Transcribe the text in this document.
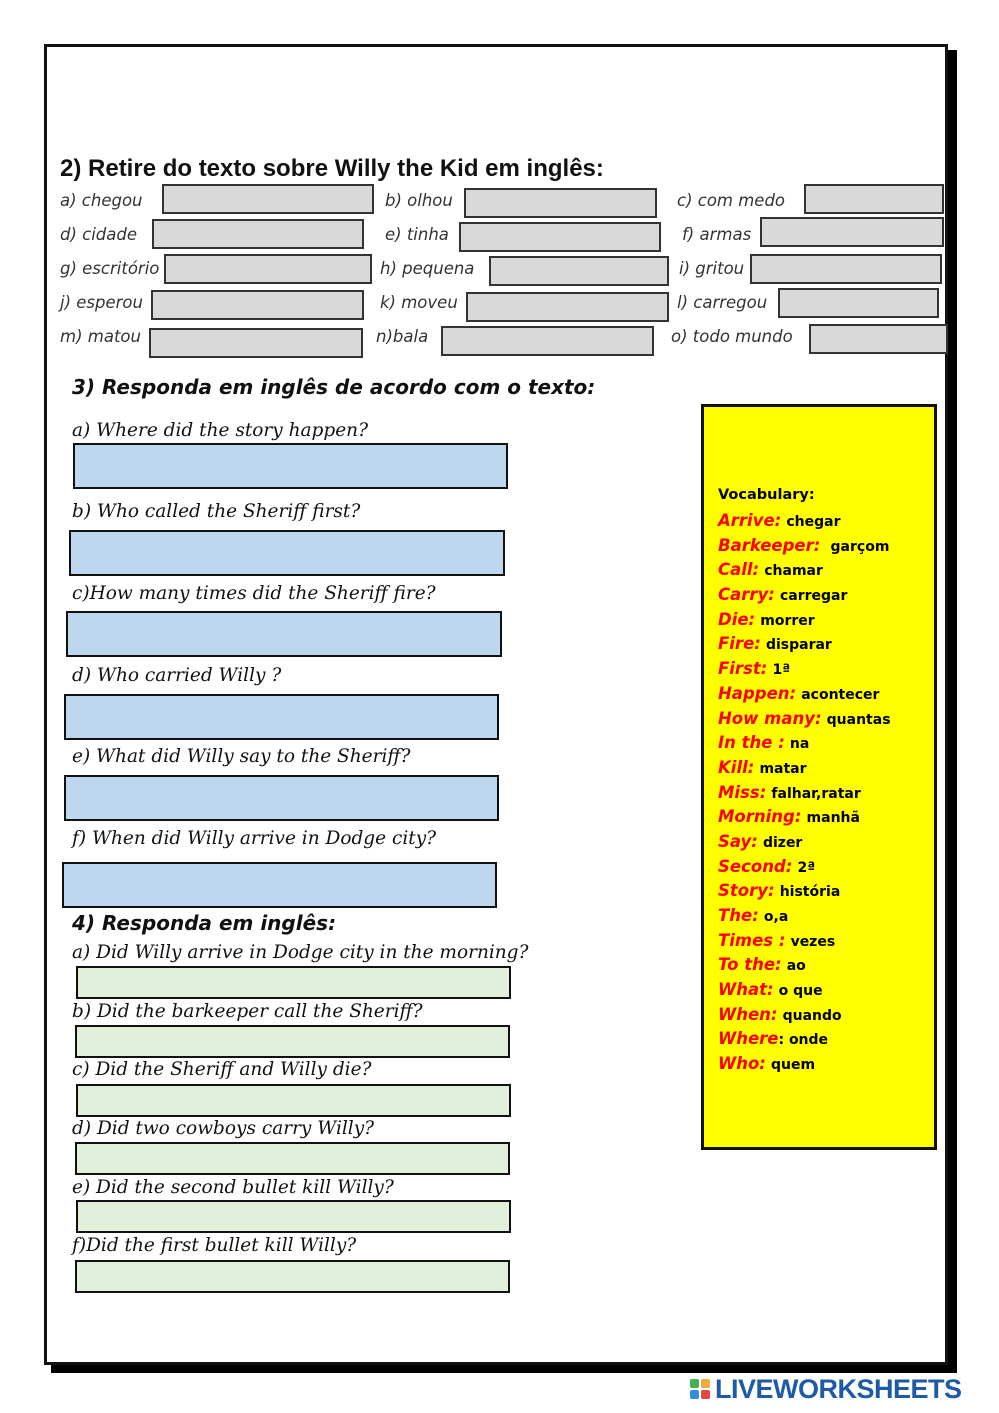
2) Retire do texto sobre Willy the Kid em inglês:
a) chegou	b) olhou	c) com medo
d) cidade	e) tinha	f) armas
g) escritório	h) pequena	i) gritou
j) esperou	k) moveu	l) carregou
m) matou	n)bala	o) todo mundo
3) Responda em inglês de acordo com o texto:
a) Where did the story happen?
b) Who called the Sheriff first?
c)How many times did the Sheriff fire?
d) Who carried Willy ?
e) What did Willy say to the Sheriff?
f) When did Willy arrive in Dodge city?
4) Responda em inglês:
a) Did Willy arrive in Dodge city in the morning?
b) Did the barkeeper call the Sheriff?
c) Did the Sheriff and Willy die?
d) Did two cowboys carry Willy?
e) Did the second bullet kill Willy?
f)Did the first bullet kill Willy?
Vocabulary:
Arrive: chegar
Barkeeper: garçom
Call: chamar
Carry: carregar
Die: morrer
Fire: disparar
First: 1ª
Happen: acontecer
How many: quantas
In the : na
Kill: matar
Miss: falhar,ratar
Morning: manhã
Say: dizer
Second: 2ª
Story: história
The: o,a
Times : vezes
To the: ao
What: o que
When: quando
Where: onde
Who: quem
LIVEWORKSHEETS
